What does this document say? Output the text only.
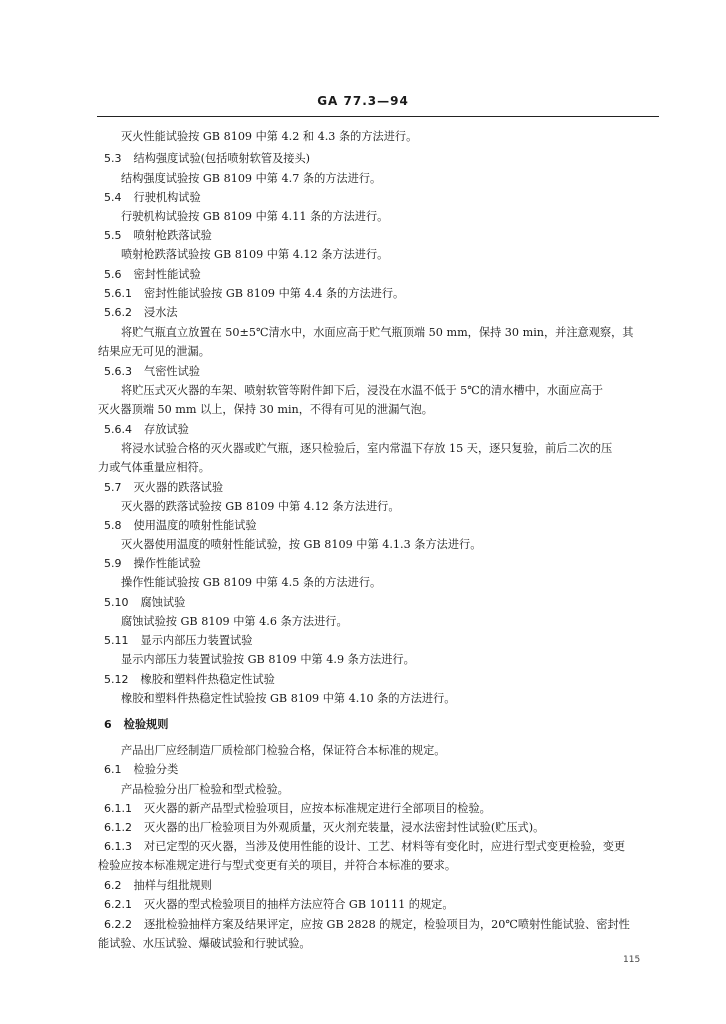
GA 77.3—94
灭火性能试验按 GB 8109 中第 4.2 和 4.3 条的方法进行。
5.3 结构强度试验(包括喷射软管及接头)
结构强度试验按 GB 8109 中第 4.7 条的方法进行。
5.4 行驶机构试验
行驶机构试验按 GB 8109 中第 4.11 条的方法进行。
5.5 喷射枪跌落试验
喷射枪跌落试验按 GB 8109 中第 4.12 条方法进行。
5.6 密封性能试验
5.6.1 密封性能试验按 GB 8109 中第 4.4 条的方法进行。
5.6.2 浸水法
将贮气瓶直立放置在 50±5℃清水中，水面应高于贮气瓶顶端 50 mm，保持 30 min，并注意观察，其
结果应无可见的泄漏。
5.6.3 气密性试验
将贮压式灭火器的车架、喷射软管等附件卸下后，浸没在水温不低于 5℃的清水槽中，水面应高于
灭火器顶端 50 mm 以上，保持 30 min，不得有可见的泄漏气泡。
5.6.4 存放试验
将浸水试验合格的灭火器或贮气瓶，逐只检验后，室内常温下存放 15 天，逐只复验，前后二次的压
力或气体重量应相符。
5.7 灭火器的跌落试验
灭火器的跌落试验按 GB 8109 中第 4.12 条方法进行。
5.8 使用温度的喷射性能试验
灭火器使用温度的喷射性能试验，按 GB 8109 中第 4.1.3 条方法进行。
5.9 操作性能试验
操作性能试验按 GB 8109 中第 4.5 条的方法进行。
5.10 腐蚀试验
腐蚀试验按 GB 8109 中第 4.6 条方法进行。
5.11 显示内部压力装置试验
显示内部压力装置试验按 GB 8109 中第 4.9 条方法进行。
5.12 橡胶和塑料件热稳定性试验
橡胶和塑料件热稳定性试验按 GB 8109 中第 4.10 条的方法进行。
6 检验规则
产品出厂应经制造厂质检部门检验合格，保证符合本标准的规定。
6.1 检验分类
产品检验分出厂检验和型式检验。
6.1.1 灭火器的新产品型式检验项目，应按本标准规定进行全部项目的检验。
6.1.2 灭火器的出厂检验项目为外观质量，灭火剂充装量，浸水法密封性试验(贮压式)。
6.1.3 对已定型的灭火器，当涉及使用性能的设计、工艺、材料等有变化时，应进行型式变更检验，变更
检验应按本标准规定进行与型式变更有关的项目，并符合本标准的要求。
6.2 抽样与组批规则
6.2.1 灭火器的型式检验项目的抽样方法应符合 GB 10111 的规定。
6.2.2 逐批检验抽样方案及结果评定，应按 GB 2828 的规定，检验项目为，20℃喷射性能试验、密封性
能试验、水压试验、爆破试验和行驶试验。
115
